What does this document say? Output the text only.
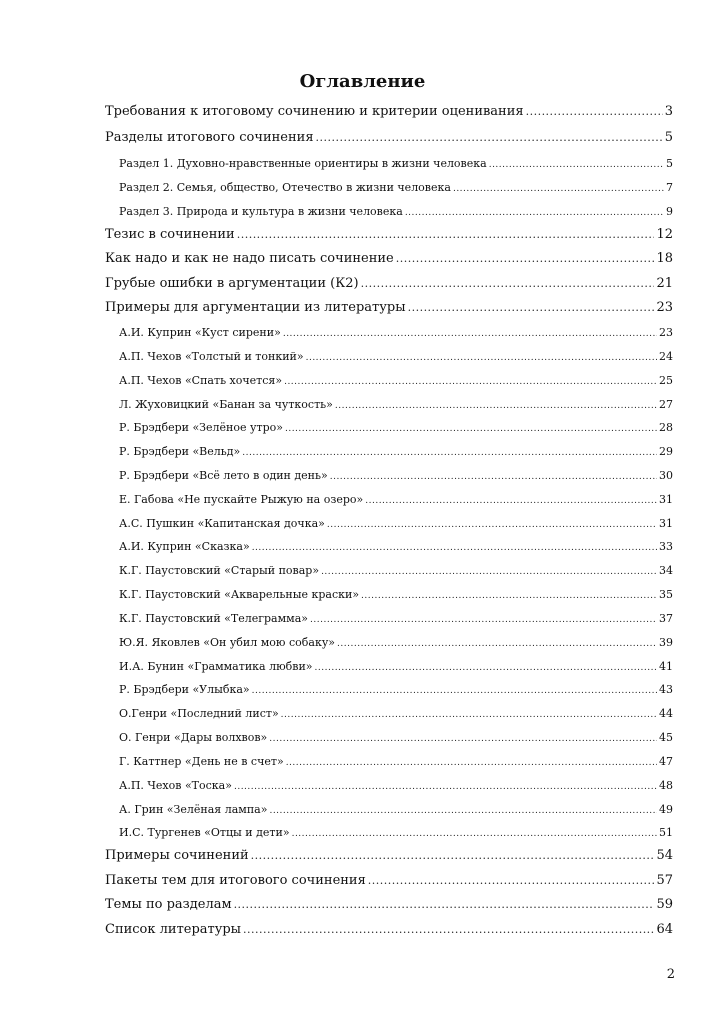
Оглавление
Требования к итоговому сочинению и критерии оценивания .....	3
Разделы итогового сочинения .....	5
Раздел 1. Духовно-нравственные ориентиры в жизни человека .....	5
Раздел 2. Семья, общество, Отечество в жизни человека .....	7
Раздел 3. Природа и культура в жизни человека .....	9
Тезис в сочинении .....	12
Как надо и как не надо писать сочинение .....	18
Грубые ошибки в аргументации (К2) .....	21
Примеры для аргументации из литературы .....	23
А.И. Куприн «Куст сирени» .....	23
А.П. Чехов «Толстый и тонкий» .....	24
А.П. Чехов «Спать хочется» .....	25
Л. Жуховицкий «Банан за чуткость» .....	27
Р. Брэдбери «Зелёное утро» .....	28
Р. Брэдбери «Вельд» .....	29
Р. Брэдбери «Всё лето в один день» .....	30
Е. Габова «Не пускайте Рыжую на озеро» .....	31
А.С. Пушкин «Капитанская дочка» .....	31
А.И. Куприн «Сказка» .....	33
К.Г. Паустовский «Старый повар» .....	34
К.Г. Паустовский «Акварельные краски» .....	35
К.Г. Паустовский «Телеграмма» .....	37
Ю.Я. Яковлев «Он убил мою собаку» .....	39
И.А. Бунин «Грамматика любви» .....	41
Р. Брэдбери «Улыбка» .....	43
О.Генри «Последний лист» .....	44
О. Генри «Дары волхвов» .....	45
Г. Каттнер «День не в счет» .....	47
А.П. Чехов «Тоска» .....	48
А. Грин «Зелёная лампа» .....	49
И.С. Тургенев «Отцы и дети» .....	51
Примеры сочинений .....	54
Пакеты тем для итогового сочинения .....	57
Темы по разделам .....	59
Список литературы .....	64
2
